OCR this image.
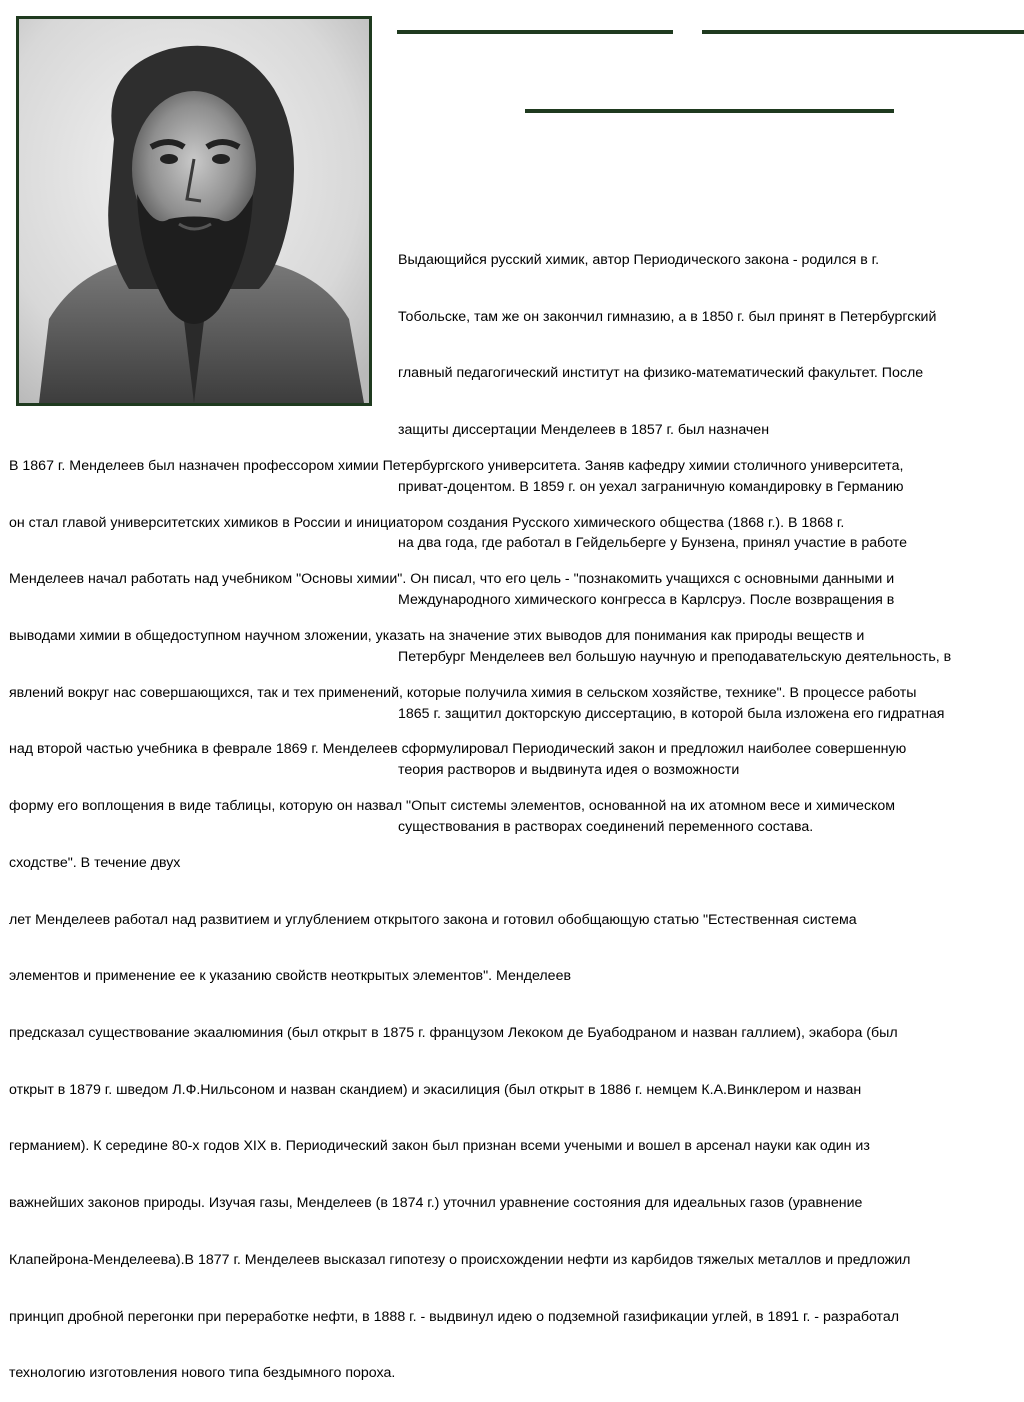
Выдающийся русский химик, автор Периодического закона - родился в г.

Тобольске, там же он закончил гимназию, а в 1850 г. был принят в Петербургский

главный педагогический институт на физико-математический факультет. После

защиты диссертации Менделеев в 1857 г. был назначен

приват-доцентом. В 1859 г. он уехал заграничную командировку в Германию

на два года, где работал в Гейдельберге у Бунзена, принял участие в работе

Международного химического конгресса в Карлсруэ. После возвращения в

Петербург Менделеев вел большую научную и преподавательскую деятельность, в

1865 г. защитил докторскую диссертацию, в которой была изложена его гидратная

теория растворов и выдвинута идея о возможности

существования в растворах соединений переменного состава.

В 1867 г. Менделеев был назначен профессором химии Петербургского университета. Заняв кафедру химии столичного университета,

он стал главой университетских химиков в России и инициатором создания Русского химического общества (1868 г.). В 1868 г.

Менделеев начал работать над учебником "Основы химии". Он писал, что его цель - "познакомить учащихся с основными данными и

выводами химии в общедоступном научном зложении, указать на значение этих выводов для понимания как природы веществ и

явлений вокруг нас совершающихся, так и тех применений, которые получила химия в сельском хозяйстве, технике". В процессе работы

над второй частью учебника в феврале 1869 г. Менделеев сформулировал Периодический закон и предложил наиболее совершенную

форму его воплощения в виде таблицы, которую он назвал "Опыт системы элементов, основанной на их атомном весе и химическом

сходстве". В течение двух

лет Менделеев работал над развитием и углублением открытого закона и готовил обобщающую статью "Естественная система

элементов и применение ее к указанию свойств неоткрытых элементов". Менделеев

предсказал существование экаалюминия (был открыт в 1875 г. французом Лекоком де Буабодраном и назван галлием), экабора (был

открыт в 1879 г. шведом Л.Ф.Нильсоном и назван скандием) и экасилиция (был открыт в 1886 г. немцем К.А.Винклером и назван

германием). К середине 80-х годов XIX в. Периодический закон был признан всеми учеными и вошел в арсенал науки как один из

важнейших законов природы. Изучая газы, Менделеев (в 1874 г.) уточнил уравнение состояния для идеальных газов (уравнение

Клапейрона-Менделеева).В 1877 г. Менделеев высказал гипотезу о происхождении нефти из карбидов тяжелых металлов и предложил

принцип дробной перегонки при переработке нефти, в 1888 г. - выдвинул идею о подземной газификации углей, в 1891 г. - разработал

технологию изготовления нового типа бездымного пороха.
